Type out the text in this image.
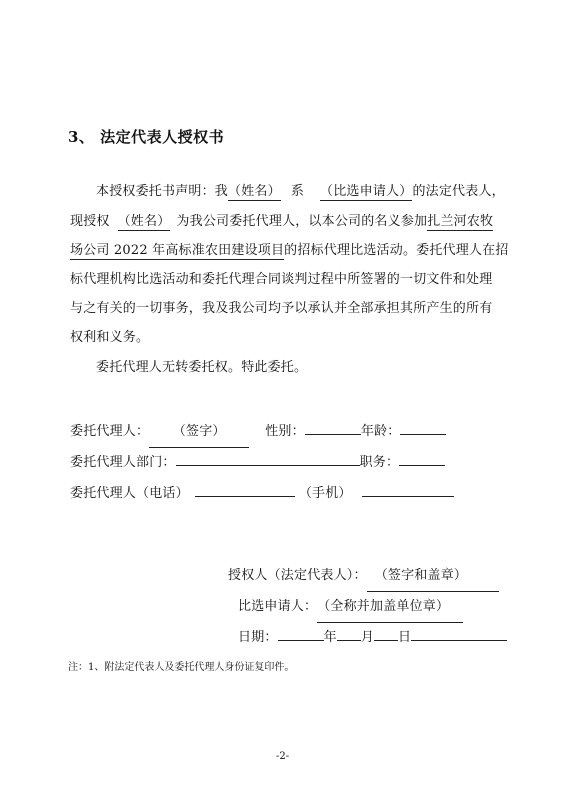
3、 法定代表人授权书
本授权委托书声明：我（姓名） 系 （比选申请人）的法定代表人，
现授权 （姓名） 为我公司委托代理人，以本公司的名义参加扎兰河农牧
场公司 2022 年高标准农田建设项目的招标代理比选活动。委托代理人在招
标代理机构比选活动和委托代理合同谈判过程中所签署的一切文件和处理
与之有关的一切事务，我及我公司均予以承认并全部承担其所产生的所有
权利和义务。
委托代理人无转委托权。特此委托。
委托代理人： （签字）	性别：	年龄：
委托代理人部门：	职务：
委托代理人（电话）	（手机）
授权人（法定代表人）： （签字和盖章）
比选申请人：（全称并加盖单位章）
日期：	年 月 日
注：1、附法定代表人及委托代理人身份证复印件。
-2-
